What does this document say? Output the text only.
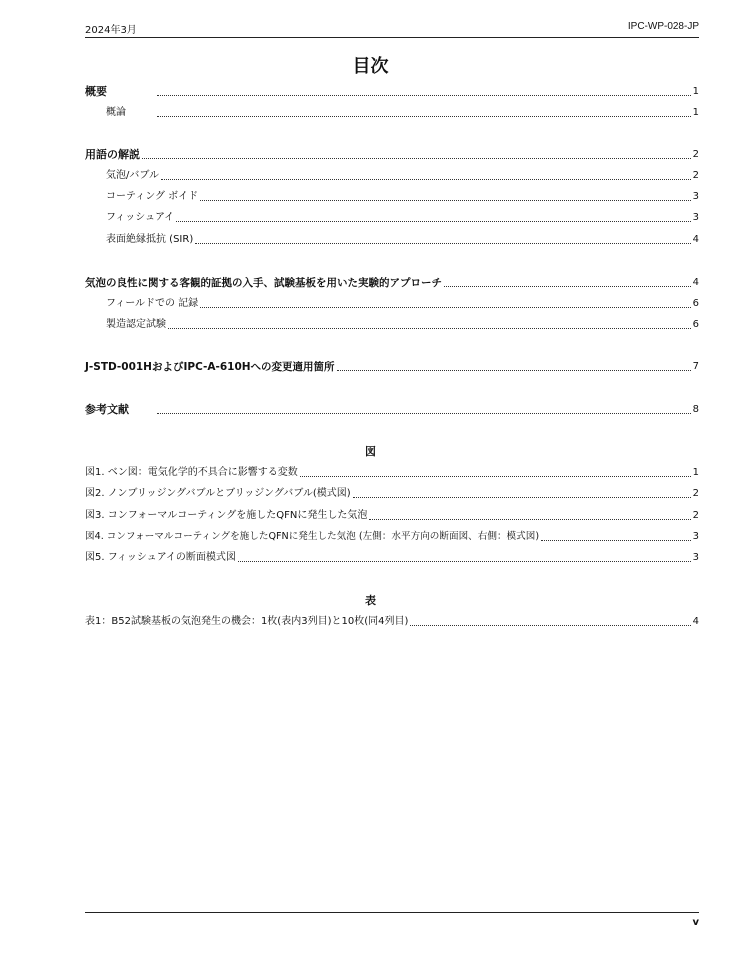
2024年3月	IPC-WP-028-JP
目次
概要	1
概論	1
用語の解説	2
気泡/バブル	2
コーティング ボイド	3
フィッシュアイ	3
表面絶縁抵抗 (SIR)	4
気泡の良性に関する客観的証拠の入手、試験基板を用いた実験的アプローチ	4
フィールドでの 記録	6
製造認定試験	6
J-STD-001HおよびIPC-A-610Hへの変更適用箇所	7
参考文献	8
図
図1. ベン図：電気化学的不具合に影響する変数	1
図2. ノンブリッジングバブルとブリッジングバブル(模式図)	2
図3. コンフォーマルコーティングを施したQFNに発生した気泡	2
図4. コンフォーマルコーティングを施したQFNに発生した気泡 (左側：水平方向の断面図、右側：模式図)	3
図5. フィッシュアイの断面模式図	3
表
表1：B52試験基板の気泡発生の機会：1枚(表内3列目)と10枚(同4列目)	4
v
